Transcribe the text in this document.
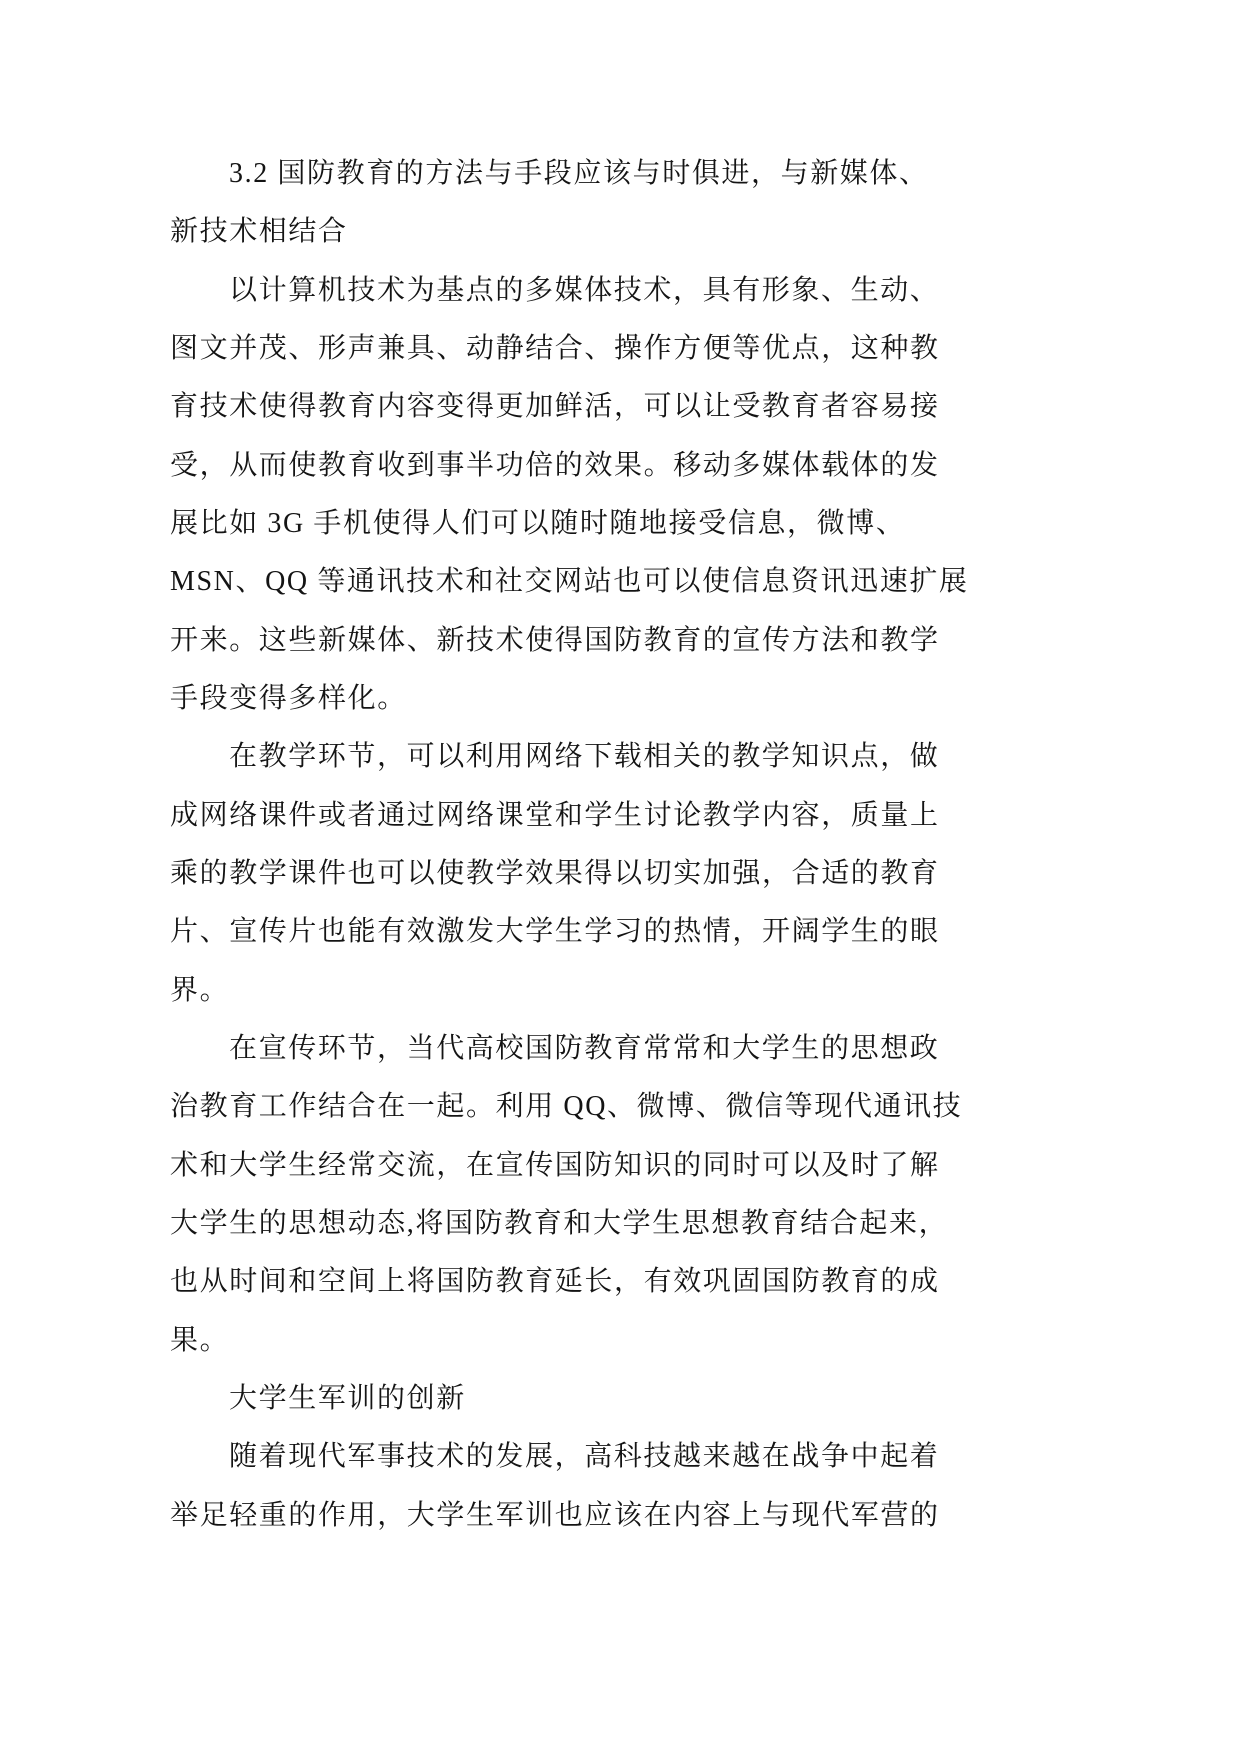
3.2 国防教育的方法与手段应该与时俱进，与新媒体、
新技术相结合
以计算机技术为基点的多媒体技术，具有形象、生动、
图文并茂、形声兼具、动静结合、操作方便等优点，这种教
育技术使得教育内容变得更加鲜活，可以让受教育者容易接
受，从而使教育收到事半功倍的效果。移动多媒体载体的发
展比如 3G 手机使得人们可以随时随地接受信息，微博、
MSN、QQ 等通讯技术和社交网站也可以使信息资讯迅速扩展
开来。这些新媒体、新技术使得国防教育的宣传方法和教学
手段变得多样化。
在教学环节，可以利用网络下载相关的教学知识点，做
成网络课件或者通过网络课堂和学生讨论教学内容，质量上
乘的教学课件也可以使教学效果得以切实加强，合适的教育
片、宣传片也能有效激发大学生学习的热情，开阔学生的眼
界。
在宣传环节，当代高校国防教育常常和大学生的思想政
治教育工作结合在一起。利用 QQ、微博、微信等现代通讯技
术和大学生经常交流，在宣传国防知识的同时可以及时了解
大学生的思想动态,将国防教育和大学生思想教育结合起来，
也从时间和空间上将国防教育延长，有效巩固国防教育的成
果。
大学生军训的创新
随着现代军事技术的发展，高科技越来越在战争中起着
举足轻重的作用，大学生军训也应该在内容上与现代军营的
